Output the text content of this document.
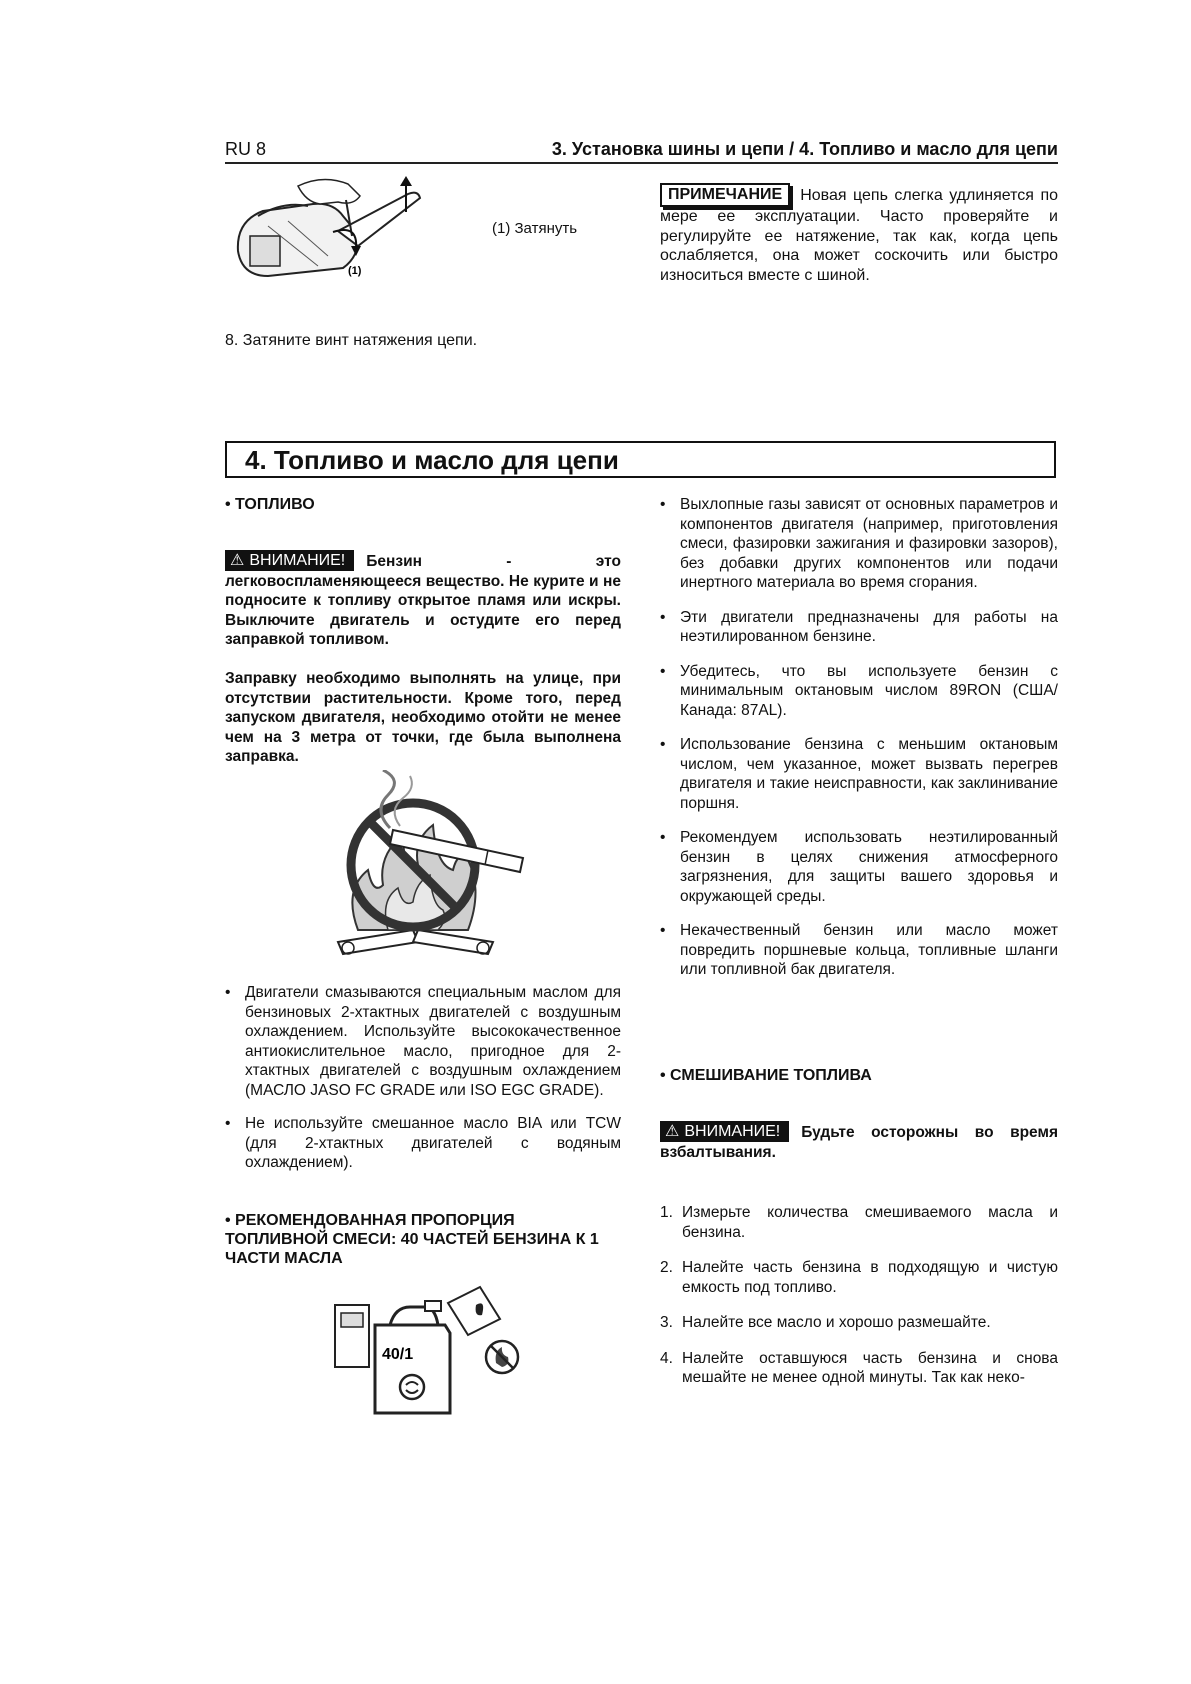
RU 8	3. Установка шины и цепи / 4. Топливо и масло для цепи
(1)
(1) Затянуть
8. Затяните винт натяжения цепи.
ПРИМЕЧАНИЕ Новая цепь слегка удлиняется по мере ее эксплуатации. Часто проверяйте и регулируйте ее натяжение, так как, когда цепь ослабляется, она может соскочить или быстро износиться вместе с шиной.
4. Топливо и масло для цепи
• ТОПЛИВО
⚠ ВНИМАНИЕ! Бензин - это легковоспламеняющееся вещество. Не курите и не подносите к топливу открытое пламя или искры. Выключите двигатель и остудите его перед заправкой топливом.
Заправку необходимо выполнять на улице, при отсутствии растительности. Кроме того, перед запуском двигателя, необходимо отойти не менее чем на 3 метра от точки, где была выполнена заправка.
• Двигатели смазываются специальным маслом для бензиновых 2-хтактных двигателей с воздушным охлаждением. Используйте высококачественное антиокислительное масло, пригодное для 2-хтактных двигателей с воздушным охлаждением (МАСЛО JASO FC GRADE или ISO EGC GRADE).
• Не используйте смешанное масло BIA или TCW (для 2-хтактных двигателей с водяным охлаждением).
• РЕКОМЕНДОВАННАЯ ПРОПОРЦИЯ ТОПЛИВНОЙ СМЕСИ: 40 ЧАСТЕЙ БЕНЗИНА К 1 ЧАСТИ МАСЛА
40/1
• Выхлопные газы зависят от основных параметров и компонентов двигателя (например, приготовления смеси, фазировки зажигания и фазировки зазоров), без добавки других компонентов или подачи инертного материала во время сгорания.
• Эти двигатели предназначены для работы на неэтилированном бензине.
• Убедитесь, что вы используете бензин с минимальным октановым числом 89RON (США/Канада: 87AL).
• Использование бензина с меньшим октановым числом, чем указанное, может вызвать перегрев двигателя и такие неисправности, как заклинивание поршня.
• Рекомендуем использовать неэтилированный бензин в целях снижения атмосферного загрязнения, для защиты вашего здоровья и окружающей среды.
• Некачественный бензин или масло может повредить поршневые кольца, топливные шланги или топливной бак двигателя.
• СМЕШИВАНИЕ ТОПЛИВА
⚠ ВНИМАНИЕ! Будьте осторожны во время взбалтывания.
1. Измерьте количества смешиваемого масла и бензина.
2. Налейте часть бензина в подходящую и чистую емкость под топливо.
3. Налейте все масло и хорошо размешайте.
4. Налейте оставшуюся часть бензина и снова мешайте не менее одной минуты. Так как неко-
